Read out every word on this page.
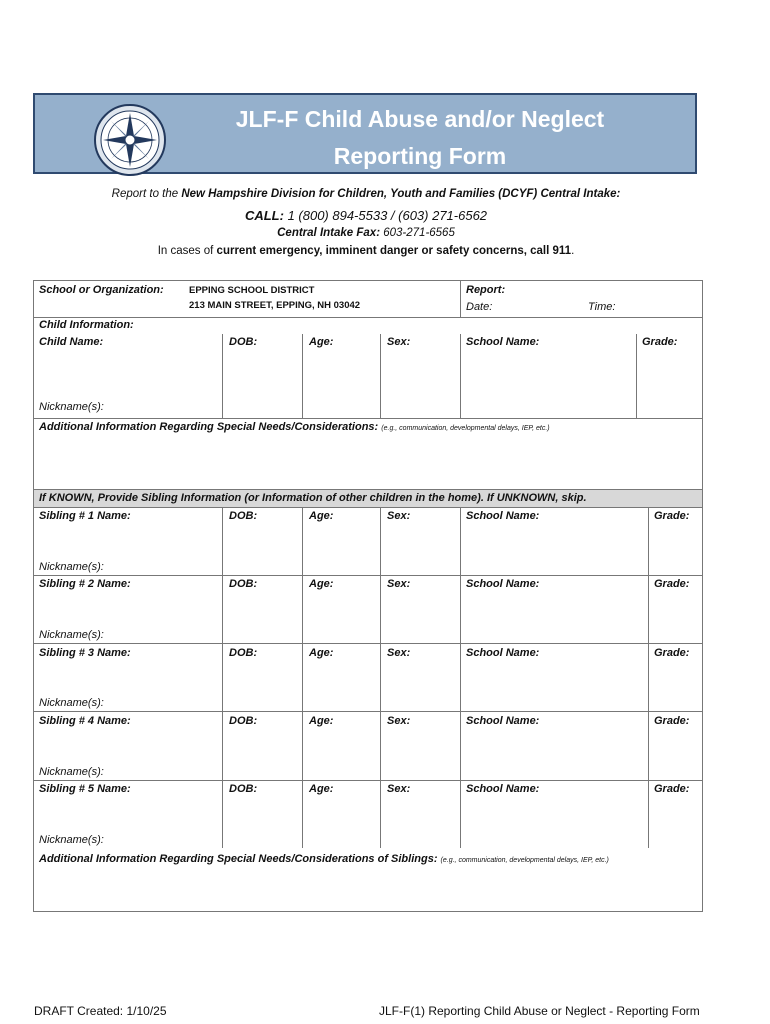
JLF-F Child Abuse and/or Neglect
Reporting Form
Report to the New Hampshire Division for Children, Youth and Families (DCYF) Central Intake:
CALL: 1 (800) 894-5533 / (603) 271-6562
Central Intake Fax: 603-271-6565
In cases of current emergency, imminent danger or safety concerns, call 911.
School or Organization:	EPPING SCHOOL DISTRICT
213 MAIN STREET, EPPING, NH 03042
Report:
Date:	Time:
Child Information:
Child Name:	DOB:	Age:	Sex:	School Name:	Grade:
Nickname(s):
Additional Information Regarding Special Needs/Considerations: (e.g., communication, developmental delays, IEP, etc.)
If KNOWN, Provide Sibling Information (or Information of other children in the home). If UNKNOWN, skip.
Sibling # 1 Name:	DOB:	Age:	Sex:	School Name:	Grade:
Nickname(s):
Sibling # 2 Name:	DOB:	Age:	Sex:	School Name:	Grade:
Nickname(s):
Sibling # 3 Name:	DOB:	Age:	Sex:	School Name:	Grade:
Nickname(s):
Sibling # 4 Name:	DOB:	Age:	Sex:	School Name:	Grade:
Nickname(s):
Sibling # 5 Name:	DOB:	Age:	Sex:	School Name:	Grade:
Nickname(s):
Additional Information Regarding Special Needs/Considerations of Siblings: (e.g., communication, developmental delays, IEP, etc.)
DRAFT Created: 1/10/25	JLF-F(1) Reporting Child Abuse or Neglect - Reporting Form
